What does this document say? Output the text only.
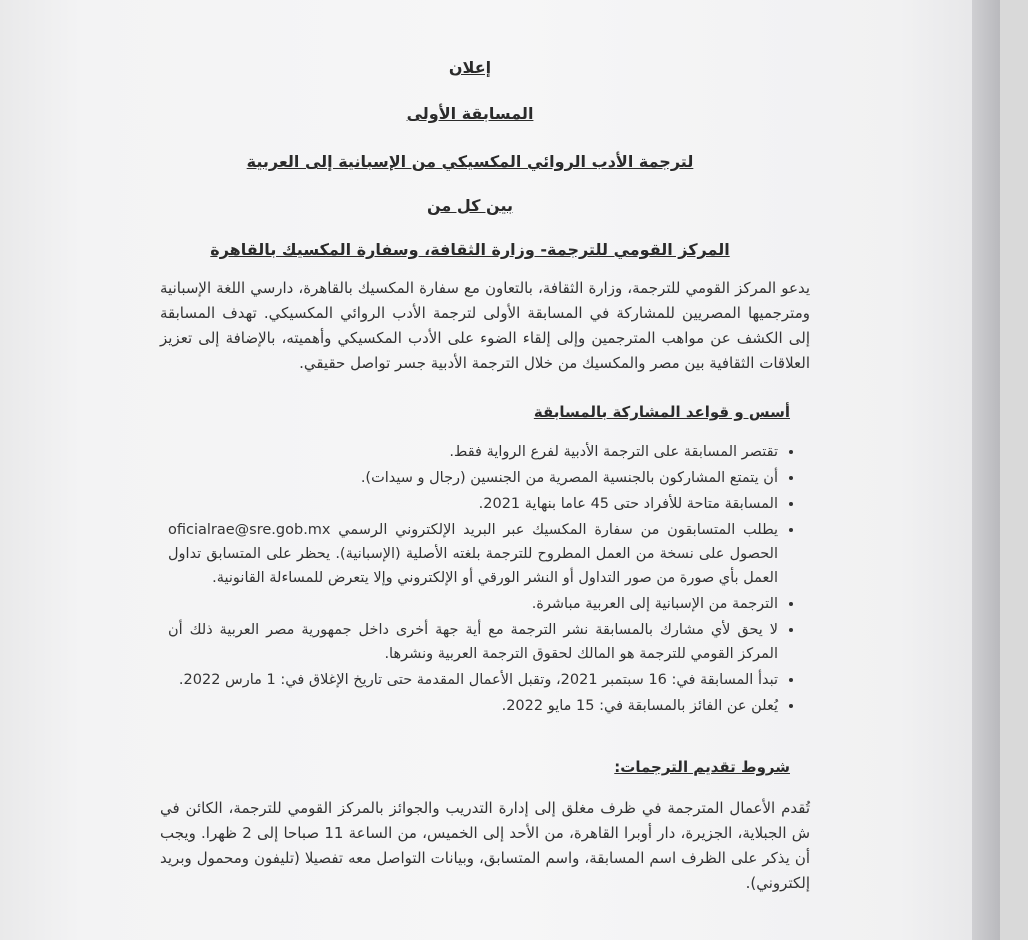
إعلان

المسابقة الأولى

لترجمة الأدب الروائي المكسيكي من الإسبانية إلى العربية

بين كل من

المركز القومي للترجمة- وزارة الثقافة، وسفارة المكسيك بالقاهرة

يدعو المركز القومي للترجمة، وزارة الثقافة، بالتعاون مع سفارة المكسيك بالقاهرة، دارسي اللغة الإسبانية ومترجميها المصريين للمشاركة في المسابقة الأولى لترجمة الأدب الروائي المكسيكي. تهدف المسابقة إلى الكشف عن مواهب المترجمين وإلى إلقاء الضوء على الأدب المكسيكي وأهميته، بالإضافة إلى تعزيز العلاقات الثقافية بين مصر والمكسيك من خلال الترجمة الأدبية جسر تواصل حقيقي.

أسس و قواعد المشاركة بالمسابقة

• تقتصر المسابقة على الترجمة الأدبية لفرع الرواية فقط.
• أن يتمتع المشاركون بالجنسية المصرية من الجنسين (رجال و سيدات).
• المسابقة متاحة للأفراد حتى 45 عاما بنهاية 2021.
• يطلب المتسابقون من سفارة المكسيك عبر البريد الإلكتروني الرسمي oficialrae@sre.gob.mx الحصول على نسخة من العمل المطروح للترجمة بلغته الأصلية (الإسبانية). يحظر على المتسابق تداول العمل بأي صورة من صور التداول أو النشر الورقي أو الإلكتروني وإلا يتعرض للمساءلة القانونية.
• الترجمة من الإسبانية إلى العربية مباشرة.
• لا يحق لأي مشارك بالمسابقة نشر الترجمة مع أية جهة أخرى داخل جمهورية مصر العربية ذلك أن المركز القومي للترجمة هو المالك لحقوق الترجمة العربية ونشرها.
• تبدأ المسابقة في: 16 سبتمبر 2021، وتقبل الأعمال المقدمة حتى تاريخ الإغلاق في: 1 مارس 2022.
• يُعلن عن الفائز بالمسابقة في: 15 مايو 2022.

شروط تقديم الترجمات:

تُقدم الأعمال المترجمة في ظرف مغلق إلى إدارة التدريب والجوائز بالمركز القومي للترجمة، الكائن في ش الجبلاية، الجزيرة، دار أوبرا القاهرة، من الأحد إلى الخميس، من الساعة 11 صباحا إلى 2 ظهرا. ويجب أن يذكر على الظرف اسم المسابقة، واسم المتسابق، وبيانات التواصل معه تفصيلا (تليفون ومحمول وبريد إلكتروني).
